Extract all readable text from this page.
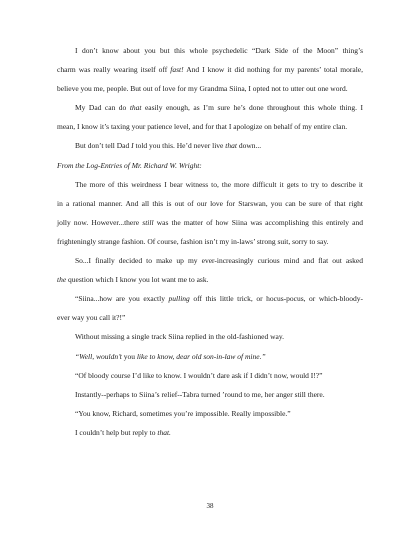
I don’t know about you but this whole psychedelic “Dark Side of the Moon” thing’s
charm was really wearing itself off fast! And I know it did nothing for my parents’ total morale,
believe you me, people. But out of love for my Grandma Siina, I opted not to utter out one word.

My Dad can do that easily enough, as I’m sure he’s done throughout this whole thing. I
mean, I know it’s taxing your patience level, and for that I apologize on behalf of my entire clan.

But don’t tell Dad I told you this. He’d never live that down...

From the Log-Entries of Mr. Richard W. Wright:

The more of this weirdness I bear witness to, the more difficult it gets to try to describe it
in a rational manner. And all this is out of our love for Starswan, you can be sure of that right
jolly now. However...there still was the matter of how Siina was accomplishing this entirely and
frighteningly strange fashion. Of course, fashion isn’t my in-laws’ strong suit, sorry to say.

So...I finally decided to make up my ever-increasingly curious mind and flat out asked
the question which I know you lot want me to ask.

“Siina...how are you exactly pulling off this little trick, or hocus-pocus, or which-bloody-
ever way you call it?!”

Without missing a single track Siina replied in the old-fashioned way.

“Well, wouldn’t you like to know, dear old son-in-law of mine.”

“Of bloody course I’d like to know. I wouldn’t dare ask if I didn’t now, would I!?”

Instantly--perhaps to Siina’s relief--Tabra turned ’round to me, her anger still there.

“You know, Richard, sometimes you’re impossible. Really impossible.”

I couldn’t help but reply to that.

38
